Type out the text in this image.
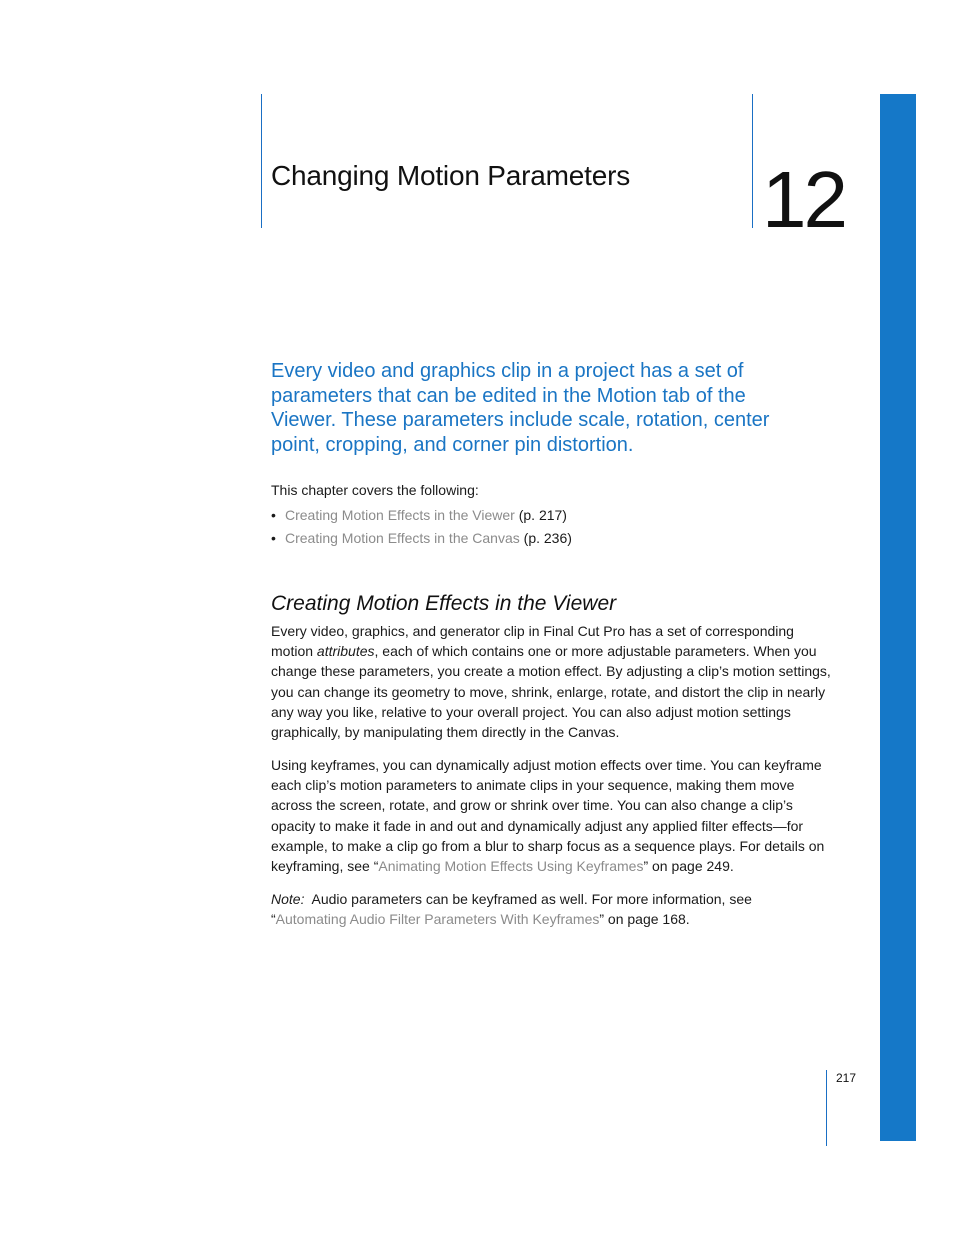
Changing Motion Parameters 12

Every video and graphics clip in a project has a set of parameters that can be edited in the Motion tab of the Viewer. These parameters include scale, rotation, center point, cropping, and corner pin distortion.

This chapter covers the following:

• Creating Motion Effects in the Viewer (p. 217)
• Creating Motion Effects in the Canvas (p. 236)
Creating Motion Effects in the Viewer

Every video, graphics, and generator clip in Final Cut Pro has a set of corresponding motion attributes, each of which contains one or more adjustable parameters. When you change these parameters, you create a motion effect. By adjusting a clip’s motion settings, you can change its geometry to move, shrink, enlarge, rotate, and distort the clip in nearly any way you like, relative to your overall project. You can also adjust motion settings graphically, by manipulating them directly in the Canvas.

Using keyframes, you can dynamically adjust motion effects over time. You can keyframe each clip’s motion parameters to animate clips in your sequence, making them move across the screen, rotate, and grow or shrink over time. You can also change a clip’s opacity to make it fade in and out and dynamically adjust any applied filter effects—for example, to make a clip go from a blur to sharp focus as a sequence plays. For details on keyframing, see “Animating Motion Effects Using Keyframes” on page 249.

Note:  Audio parameters can be keyframed as well. For more information, see “Automating Audio Filter Parameters With Keyframes” on page 168.

217
